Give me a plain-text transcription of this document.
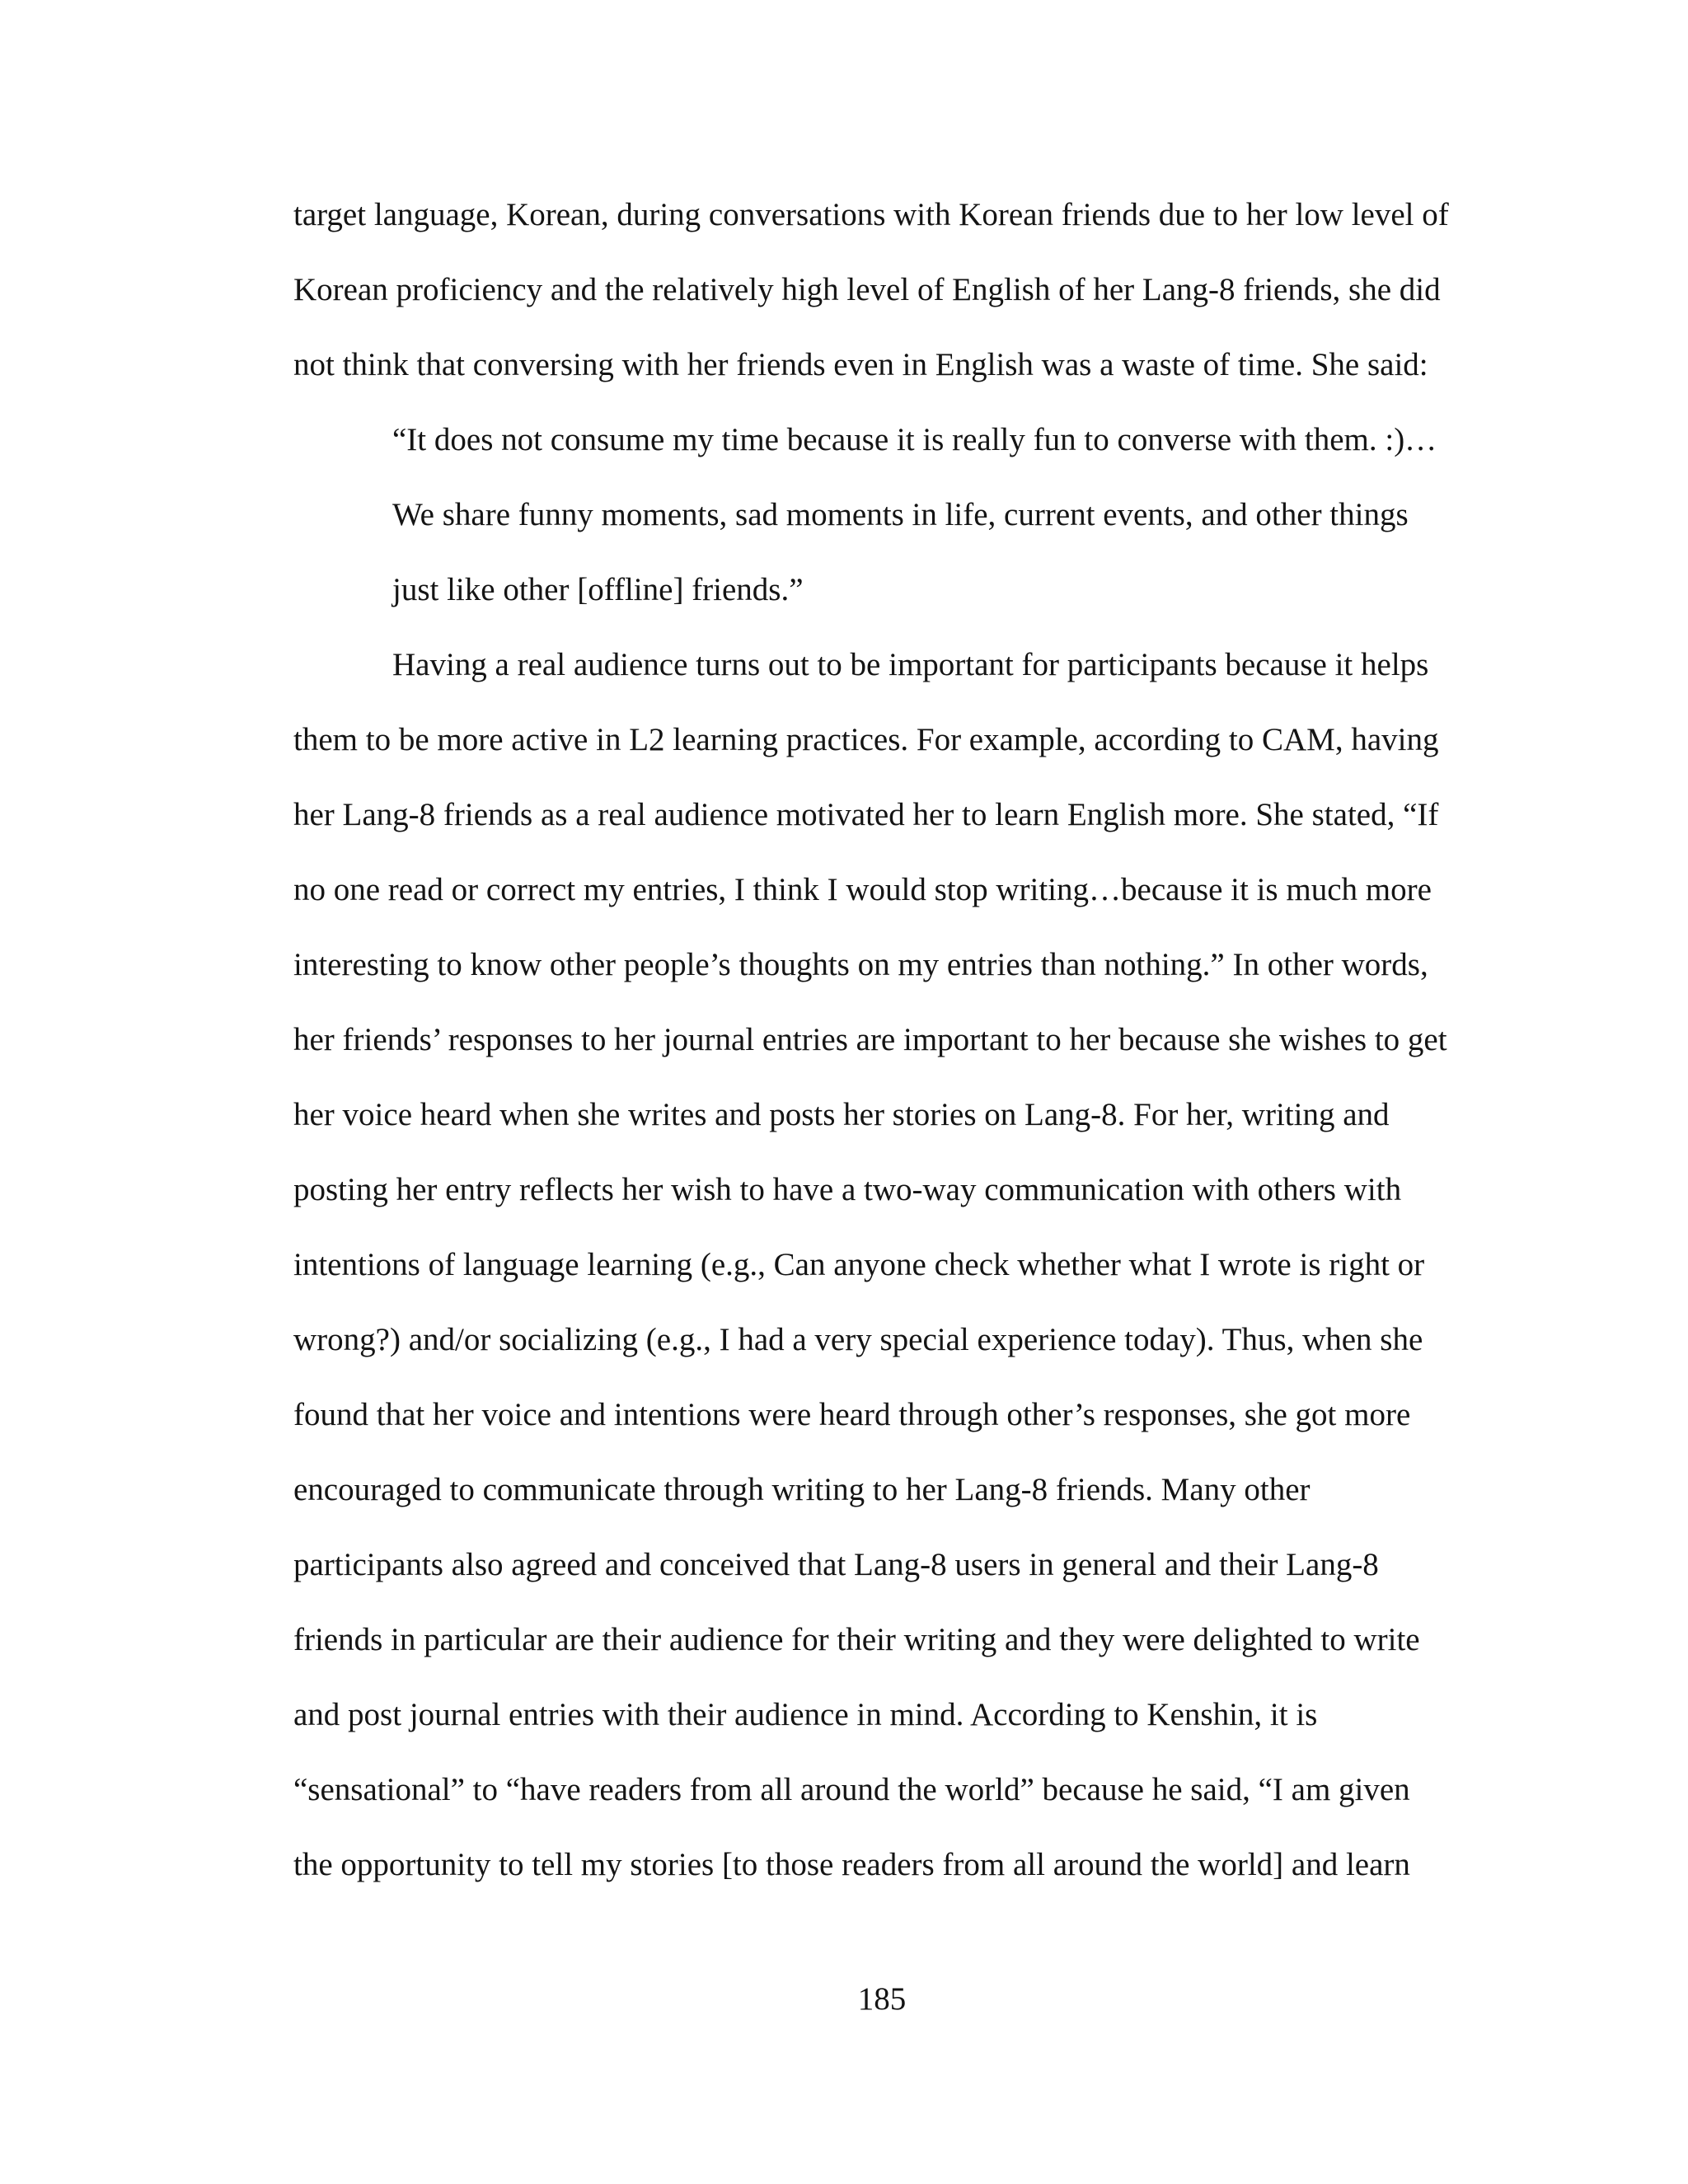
target language, Korean, during conversations with Korean friends due to her low level of
Korean proficiency and the relatively high level of English of her Lang-8 friends, she did
not think that conversing with her friends even in English was a waste of time. She said:
“It does not consume my time because it is really fun to converse with them. :)…
We share funny moments, sad moments in life, current events, and other things
just like other [offline] friends.”
Having a real audience turns out to be important for participants because it helps
them to be more active in L2 learning practices. For example, according to CAM, having
her Lang-8 friends as a real audience motivated her to learn English more. She stated, “If
no one read or correct my entries, I think I would stop writing…because it is much more
interesting to know other people’s thoughts on my entries than nothing.” In other words,
her friends’ responses to her journal entries are important to her because she wishes to get
her voice heard when she writes and posts her stories on Lang-8. For her, writing and
posting her entry reflects her wish to have a two-way communication with others with
intentions of language learning (e.g., Can anyone check whether what I wrote is right or
wrong?) and/or socializing (e.g., I had a very special experience today). Thus, when she
found that her voice and intentions were heard through other’s responses, she got more
encouraged to communicate through writing to her Lang-8 friends. Many other
participants also agreed and conceived that Lang-8 users in general and their Lang-8
friends in particular are their audience for their writing and they were delighted to write
and post journal entries with their audience in mind. According to Kenshin, it is
“sensational” to “have readers from all around the world” because he said, “I am given
the opportunity to tell my stories [to those readers from all around the world] and learn
185
